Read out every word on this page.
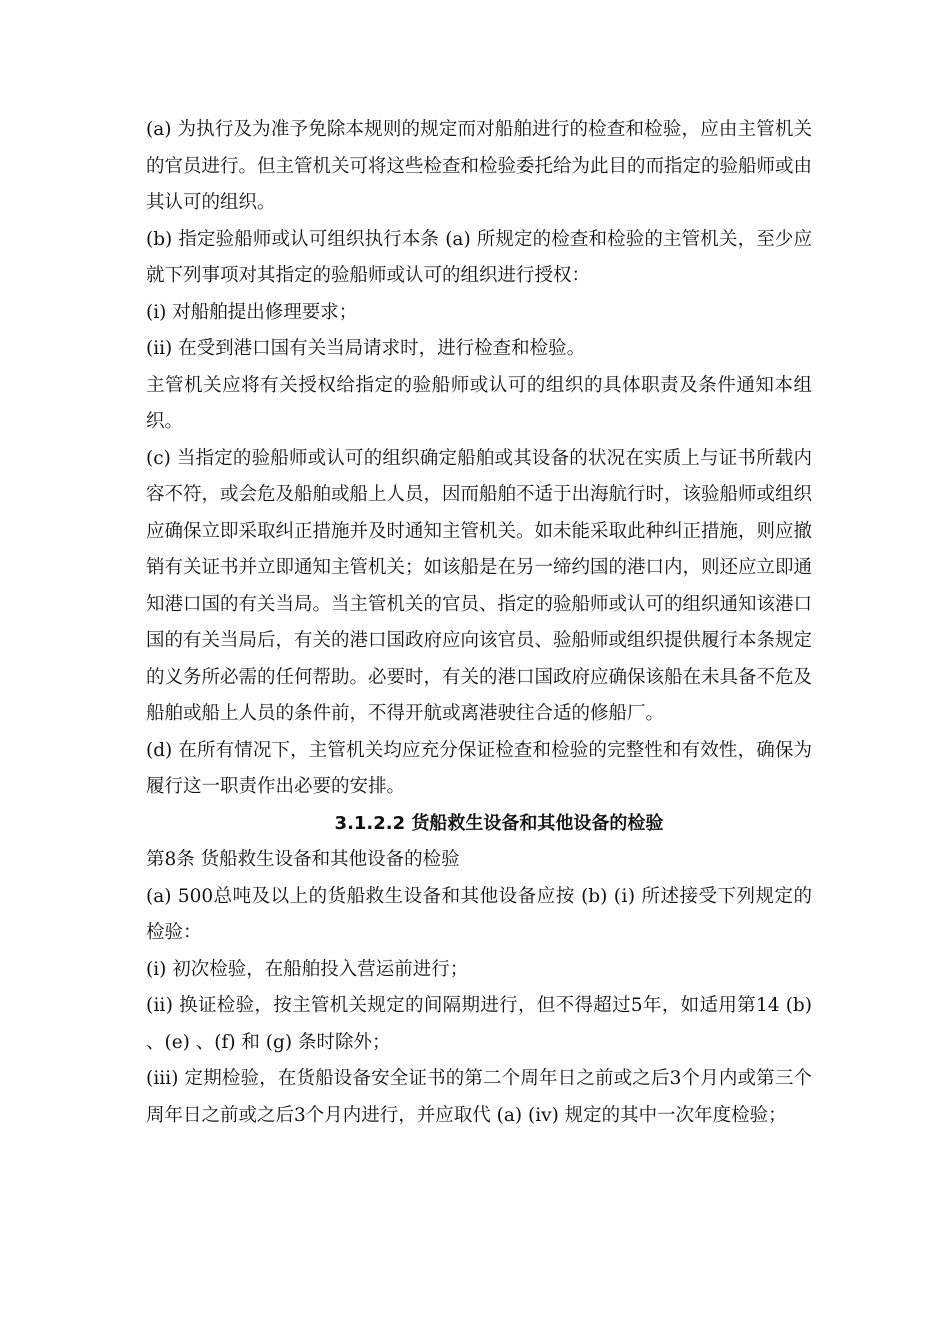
(a) 为执行及为准予免除本规则的规定而对船舶进行的检查和检验，应由主管机关的官员进行。但主管机关可将这些检查和检验委托给为此目的而指定的验船师或由其认可的组织。

(b) 指定验船师或认可组织执行本条 (a) 所规定的检查和检验的主管机关，至少应就下列事项对其指定的验船师或认可的组织进行授权：

(ⅰ) 对船舶提出修理要求；

(ⅱ) 在受到港口国有关当局请求时，进行检查和检验。

主管机关应将有关授权给指定的验船师或认可的组织的具体职责及条件通知本组织。

(c) 当指定的验船师或认可的组织确定船舶或其设备的状况在实质上与证书所载内容不符，或会危及船舶或船上人员，因而船舶不适于出海航行时，该验船师或组织应确保立即采取纠正措施并及时通知主管机关。如未能采取此种纠正措施，则应撤销有关证书并立即通知主管机关；如该船是在另一缔约国的港口内，则还应立即通知港口国的有关当局。当主管机关的官员、指定的验船师或认可的组织通知该港口国的有关当局后，有关的港口国政府应向该官员、验船师或组织提供履行本条规定的义务所必需的任何帮助。必要时，有关的港口国政府应确保该船在未具备不危及船舶或船上人员的条件前，不得开航或离港驶往合适的修船厂。

(d) 在所有情况下，主管机关均应充分保证检查和检验的完整性和有效性，确保为履行这一职责作出必要的安排。

3.1.2.2 货船救生设备和其他设备的检验

第8条 货船救生设备和其他设备的检验

(a) 500总吨及以上的货船救生设备和其他设备应按 (b) (ⅰ) 所述接受下列规定的检验：

(ⅰ) 初次检验，在船舶投入营运前进行；

(ⅱ) 换证检验，按主管机关规定的间隔期进行，但不得超过5年，如适用第14 (b) 、(e) 、(f) 和 (g) 条时除外；

(ⅲ) 定期检验，在货船设备安全证书的第二个周年日之前或之后3个月内或第三个周年日之前或之后3个月内进行，并应取代 (a) (ⅳ) 规定的其中一次年度检验；
